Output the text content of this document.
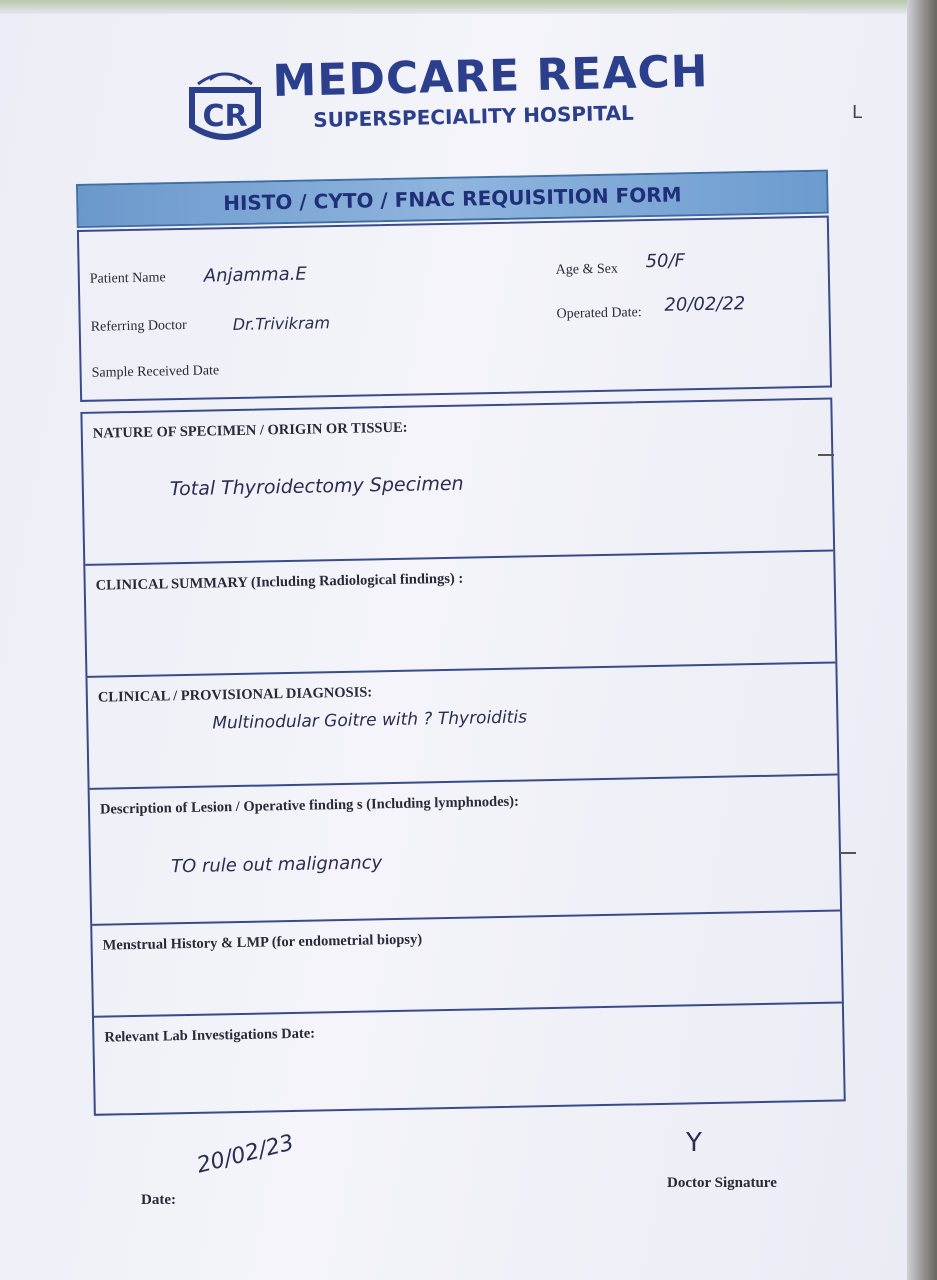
CR
MEDCARE REACH
SUPERSPECIALITY HOSPITAL	L
HISTO / CYTO / FNAC REQUISITION FORM
Patient Name Anjamma.E	Age & Sex 50/F
Referring Doctor	Dr.Trivikram	Operated Date: 20/02/22
Sample Received Date
NATURE OF SPECIMEN / ORIGIN OR TISSUE:
Total Thyroidectomy Specimen
CLINICAL SUMMARY (Including Radiological findings) :
CLINICAL / PROVISIONAL DIAGNOSIS:
Multinodular Goitre with ? Thyroiditis
Description of Lesion / Operative finding s (Including lymphnodes):
TO rule out malignancy
Menstrual History & LMP (for endometrial biopsy)
Relevant Lab Investigations Date:
20/02/23
Date:
Y
Doctor Signature
